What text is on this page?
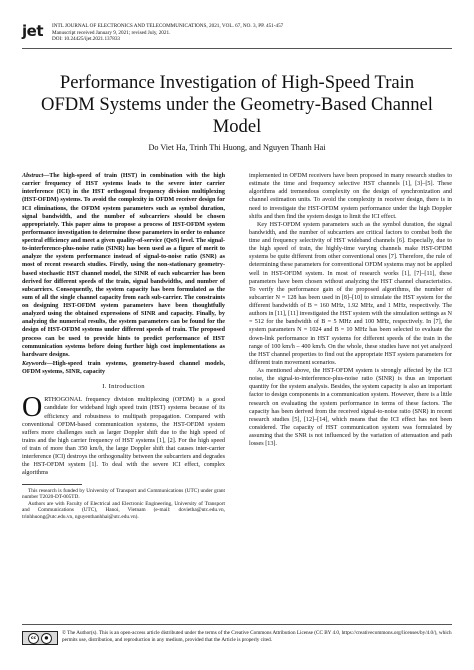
jet INTL JOURNAL OF ELECTRONICS AND TELECOMMUNICATIONS, 2021, VOL. 67, NO. 3, PP. 451-457
Manuscript received January 9, 2021; revised July, 2021.
DOI: 10.24425/ijet.2021.137833
Performance Investigation of High-Speed Train
OFDM Systems under the Geometry-Based Channel
Model
Do Viet Ha, Trinh Thi Huong, and Nguyen Thanh Hai

Abstract—The high-speed of train (HST) in combination with the high carrier frequency of HST systems leads to the severe inter carrier interference (ICI) in the HST orthogonal frequency division multiplexing (HST-OFDM) systems. To avoid the complexity in OFDM receiver design for ICI eliminations, the OFDM system parameters such as symbol duration, signal bandwidth, and the number of subcarriers should be chosen appropriately. This paper aims to propose a process of HST-OFDM system performance investigation to determine these parameters in order to enhance spectral efficiency and meet a given quality-of-service (QoS) level. The signal-to-interference-plus-noise ratio (SINR) has been used as a figure of merit to analyze the system performance instead of signal-to-noise ratio (SNR) as most of recent research studies. Firstly, using the non-stationary geometry-based stochastic HST channel model, the SINR of each subcarrier has been derived for different speeds of the train, signal bandwidths, and number of subcarriers. Consequently, the system capacity has been formulated as the sum of all the single channel capacity from each sub-carrier. The constraints on designing HST-OFDM system parameters have been thoughtfully analyzed using the obtained expressions of SINR and capacity. Finally, by analyzing the numerical results, the system parameters can be found for the design of HST-OFDM systems under different speeds of train. The proposed process can be used to provide hints to predict performance of HST communication systems before doing further high cost implementations as hardware designs.

Keywords—High-speed train systems, geometry-based channel models, OFDM systems, SINR, capacity

I. Introduction

ORTHOGONAL frequency division multiplexing (OFDM) is a good candidate for wideband high speed train (HST) systems because of its efficiency and robustness to multipath propagation. Compared with conventional OFDM-based communication systems, the HST-OFDM system suffers more challenges such as larger Doppler shift due to the high speed of trains and the high carrier frequency of HST systems [1], [2]. For the high speed of train of more than 350 km/h, the large Doppler shift that causes inter-carrier interference (ICI) destroys the orthogonality between the subcarriers and degrades the HST-OFDM system [1]. To deal with the severe ICI effect, complex algorithms

This research is funded by University of Transport and Communications (UTC) under grant number T2020-DT-005TD.

Authors are with Faculty of Electrical and Electronic Engineering, University of Transport and Communications (UTC), Hanoi, Vietnam (e-mail: dovietha@utc.edu.vn, trinhhuong@utc.edu.vn, nguyenthanhhai@utc.edu.vn).

implemented in OFDM receivers have been proposed in many research studies to estimate the time and frequency selective HST channels [1], [3]–[5]. These algorithms add tremendous complexity on the design of synchronization and channel estimation units. To avoid the complexity in receiver design, there is in need to investigate the HST-OFDM system performance under the high Doppler shifts and then find the system design to limit the ICI effect.

Key HST-OFDM system parameters such as the symbol duration, the signal bandwidth, and the number of subcarriers are critical factors to combat both the time and frequency selectivity of HST wideband channels [6]. Especially, due to the high speed of train, the highly-time varying channels make HST-OFDM systems be quite different from other conventional ones [7]. Therefore, the rule of determining these parameters for conventional OFDM systems may not be applied well in HST-OFDM system. In most of research works [1], [7]–[11], these parameters have been chosen without analyzing the HST channel characteristics. To verify the performance gain of the proposed algorithms, the number of subcarrier N = 128 has been used in [8]–[10] to simulate the HST system for the different bandwidth of B = 160 MHz, 1.92 MHz, and 1 MHz, respectively. The authors in [11], [11] investigated the HST system with the simulation settings as N = 512 for the bandwidth of B = 5 MHz and 100 MHz, respectively. In [7], the system parameters N = 1024 and B = 10 MHz has been selected to evaluate the down-link performance in HST systems for different speeds of the train in the range of 100 km/h – 400 km/h. On the whole, these studies have not yet analyzed the HST channel properties to find out the appropriate HST system parameters for different train movement scenarios.

As mentioned above, the HST-OFDM system is strongly affected by the ICI noise, the signal-to-interference-plus-noise ratio (SINR) is thus an important quantity for the system analysis. Besides, the system capacity is also an important factor to design components in a communication system. However, there is a little research on evaluating the system performance in terms of these factors. The capacity has been derived from the received signal-to-noise ratio (SNR) in recent research studies [5], [12]–[14], which means that the ICI effect has not been considered. The capacity of HST communication system was formulated by assuming that the SNR is not influenced by the variation of attenuation and path losses [13].

cc	●
© The Author(s). This is an open-access article distributed under the terms of the Creative Commons Attribution License (CC BY 4.0, https://creativecommons.org/licenses/by/4.0/), which permits use, distribution, and reproduction in any medium, provided that the Article is properly cited.
